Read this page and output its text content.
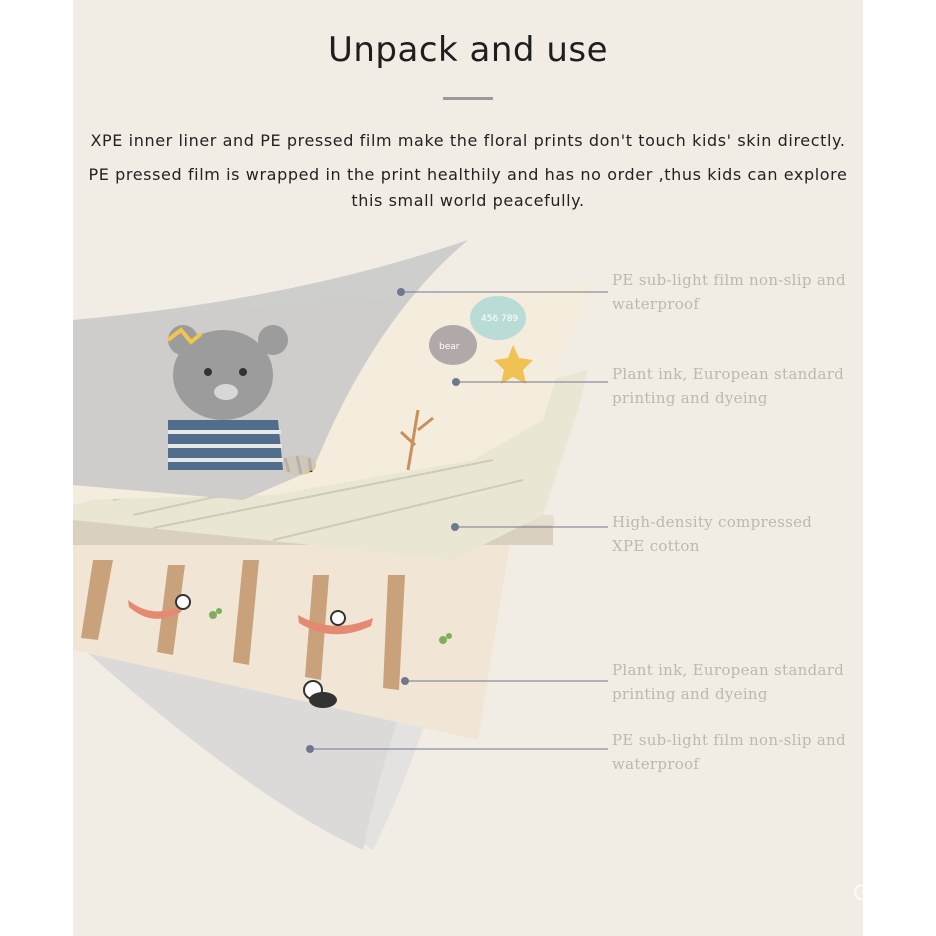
Unpack and use
XPE inner liner and PE pressed film make the floral prints don't touch kids' skin directly.
PE pressed film is wrapped in the print healthily and has no order ,thus kids can explore
this small world peacefully.
bear
456 789
PE sub-light film non-slip and
waterproof
Plant ink, European standard
printing and dyeing
High-density compressed
XPE cotton
Plant ink, European standard
printing and dyeing
PE sub-light film non-slip and
waterproof
Grace
